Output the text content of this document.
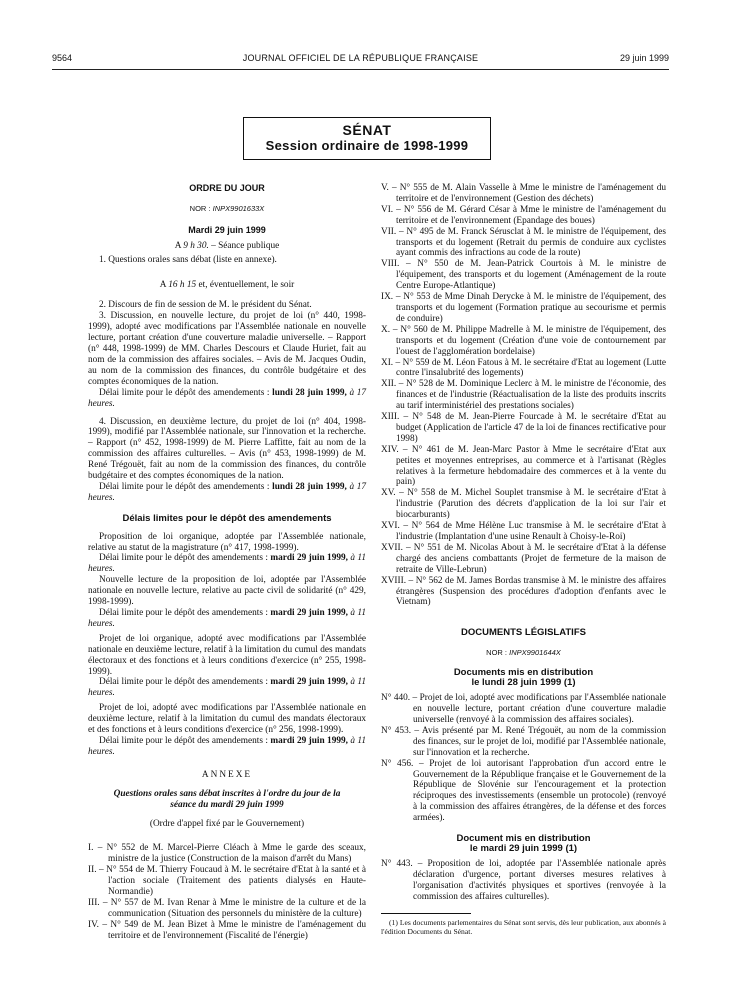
9564	JOURNAL OFFICIEL DE LA RÉPUBLIQUE FRANÇAISE	29 juin 1999
SÉNAT
Session ordinaire de 1998-1999

ORDRE DU JOUR

NOR : INPX9901633X

Mardi 29 juin 1999

A 9 h 30. – Séance publique

1. Questions orales sans débat (liste en annexe).

A 16 h 15 et, éventuellement, le soir

2. Discours de fin de session de M. le président du Sénat.

3. Discussion, en nouvelle lecture, du projet de loi (n° 440, 1998-1999), adopté avec modifications par l'Assemblée nationale en nouvelle lecture, portant création d'une couverture maladie universelle. – Rapport (n° 448, 1998-1999) de MM. Charles Descours et Claude Huriet, fait au nom de la commission des affaires sociales. – Avis de M. Jacques Oudin, au nom de la commission des finances, du contrôle budgétaire et des comptes économiques de la nation.

Délai limite pour le dépôt des amendements : lundi 28 juin 1999, à 17 heures.

4. Discussion, en deuxième lecture, du projet de loi (n° 404, 1998-1999), modifié par l'Assemblée nationale, sur l'innovation et la recherche. – Rapport (n° 452, 1998-1999) de M. Pierre Laffitte, fait au nom de la commission des affaires culturelles. – Avis (n° 453, 1998-1999) de M. René Trégouët, fait au nom de la commission des finances, du contrôle budgétaire et des comptes économiques de la nation.

Délai limite pour le dépôt des amendements : lundi 28 juin 1999, à 17 heures.

Délais limites pour le dépôt des amendements

Proposition de loi organique, adoptée par l'Assemblée nationale, relative au statut de la magistrature (n° 417, 1998-1999).

Délai limite pour le dépôt des amendements : mardi 29 juin 1999, à 11 heures.

Nouvelle lecture de la proposition de loi, adoptée par l'Assemblée nationale en nouvelle lecture, relative au pacte civil de solidarité (n° 429, 1998-1999).

Délai limite pour le dépôt des amendements : mardi 29 juin 1999, à 11 heures.

Projet de loi organique, adopté avec modifications par l'Assemblée nationale en deuxième lecture, relatif à la limitation du cumul des mandats électoraux et des fonctions et à leurs conditions d'exercice (n° 255, 1998-1999).

Délai limite pour le dépôt des amendements : mardi 29 juin 1999, à 11 heures.

Projet de loi, adopté avec modifications par l'Assemblée nationale en deuxième lecture, relatif à la limitation du cumul des mandats électoraux et des fonctions et à leurs conditions d'exercice (n° 256, 1998-1999).

Délai limite pour le dépôt des amendements : mardi 29 juin 1999, à 11 heures.

ANNEXE

Questions orales sans débat inscrites à l'ordre du jour de la séance du mardi 29 juin 1999

(Ordre d'appel fixé par le Gouvernement)

I. – N° 552 de M. Marcel-Pierre Cléach à Mme le garde des sceaux, ministre de la justice (Construction de la maison d'arrêt du Mans)

II. – N° 554 de M. Thierry Foucaud à M. le secrétaire d'Etat à la santé et à l'action sociale (Traitement des patients dialysés en Haute-Normandie)

III. – N° 557 de M. Ivan Renar à Mme le ministre de la culture et de la communication (Situation des personnels du ministère de la culture)

IV. – N° 549 de M. Jean Bizet à Mme le ministre de l'aménagement du territoire et de l'environnement (Fiscalité de l'énergie)

V. – N° 555 de M. Alain Vasselle à Mme le ministre de l'aménagement du territoire et de l'environnement (Gestion des déchets)

VI. – N° 556 de M. Gérard César à Mme le ministre de l'aménagement du territoire et de l'environnement (Epandage des boues)

VII. – N° 495 de M. Franck Sérusclat à M. le ministre de l'équipement, des transports et du logement (Retrait du permis de conduire aux cyclistes ayant commis des infractions au code de la route)

VIII. – N° 550 de M. Jean-Patrick Courtois à M. le ministre de l'équipement, des transports et du logement (Aménagement de la route Centre Europe-Atlantique)

IX. – N° 553 de Mme Dinah Derycke à M. le ministre de l'équipement, des transports et du logement (Formation pratique au secourisme et permis de conduire)

X. – N° 560 de M. Philippe Madrelle à M. le ministre de l'équipement, des transports et du logement (Création d'une voie de contournement par l'ouest de l'agglomération bordelaise)

XI. – N° 559 de M. Léon Fatous à M. le secrétaire d'Etat au logement (Lutte contre l'insalubrité des logements)

XII. – N° 528 de M. Dominique Leclerc à M. le ministre de l'économie, des finances et de l'industrie (Réactualisation de la liste des produits inscrits au tarif interministériel des prestations sociales)

XIII. – N° 548 de M. Jean-Pierre Fourcade à M. le secrétaire d'Etat au budget (Application de l'article 47 de la loi de finances rectificative pour 1998)

XIV. – N° 461 de M. Jean-Marc Pastor à Mme le secrétaire d'Etat aux petites et moyennes entreprises, au commerce et à l'artisanat (Règles relatives à la fermeture hebdomadaire des commerces et à la vente du pain)

XV. – N° 558 de M. Michel Souplet transmise à M. le secrétaire d'Etat à l'industrie (Parution des décrets d'application de la loi sur l'air et biocarburants)

XVI. – N° 564 de Mme Hélène Luc transmise à M. le secrétaire d'Etat à l'industrie (Implantation d'une usine Renault à Choisy-le-Roi)

XVII. – N° 551 de M. Nicolas About à M. le secrétaire d'Etat à la défense chargé des anciens combattants (Projet de fermeture de la maison de retraite de Ville-Lebrun)

XVIII. – N° 562 de M. James Bordas transmise à M. le ministre des affaires étrangères (Suspension des procédures d'adoption d'enfants avec le Vietnam)

DOCUMENTS LÉGISLATIFS

NOR : INPX9901644X

Documents mis en distribution
le lundi 28 juin 1999 (1)

N° 440. – Projet de loi, adopté avec modifications par l'Assemblée nationale en nouvelle lecture, portant création d'une couverture maladie universelle (renvoyé à la commission des affaires sociales).

N° 453. – Avis présenté par M. René Trégouët, au nom de la commission des finances, sur le projet de loi, modifié par l'Assemblée nationale, sur l'innovation et la recherche.

N° 456. – Projet de loi autorisant l'approbation d'un accord entre le Gouvernement de la République française et le Gouvernement de la République de Slovénie sur l'encouragement et la protection réciproques des investissements (ensemble un protocole) (renvoyé à la commission des affaires étrangères, de la défense et des forces armées).

Document mis en distribution
le mardi 29 juin 1999 (1)

N° 443. – Proposition de loi, adoptée par l'Assemblée nationale après déclaration d'urgence, portant diverses mesures relatives à l'organisation d'activités physiques et sportives (renvoyée à la commission des affaires culturelles).

(1) Les documents parlementaires du Sénat sont servis, dès leur publication, aux abonnés à l'édition Documents du Sénat.
